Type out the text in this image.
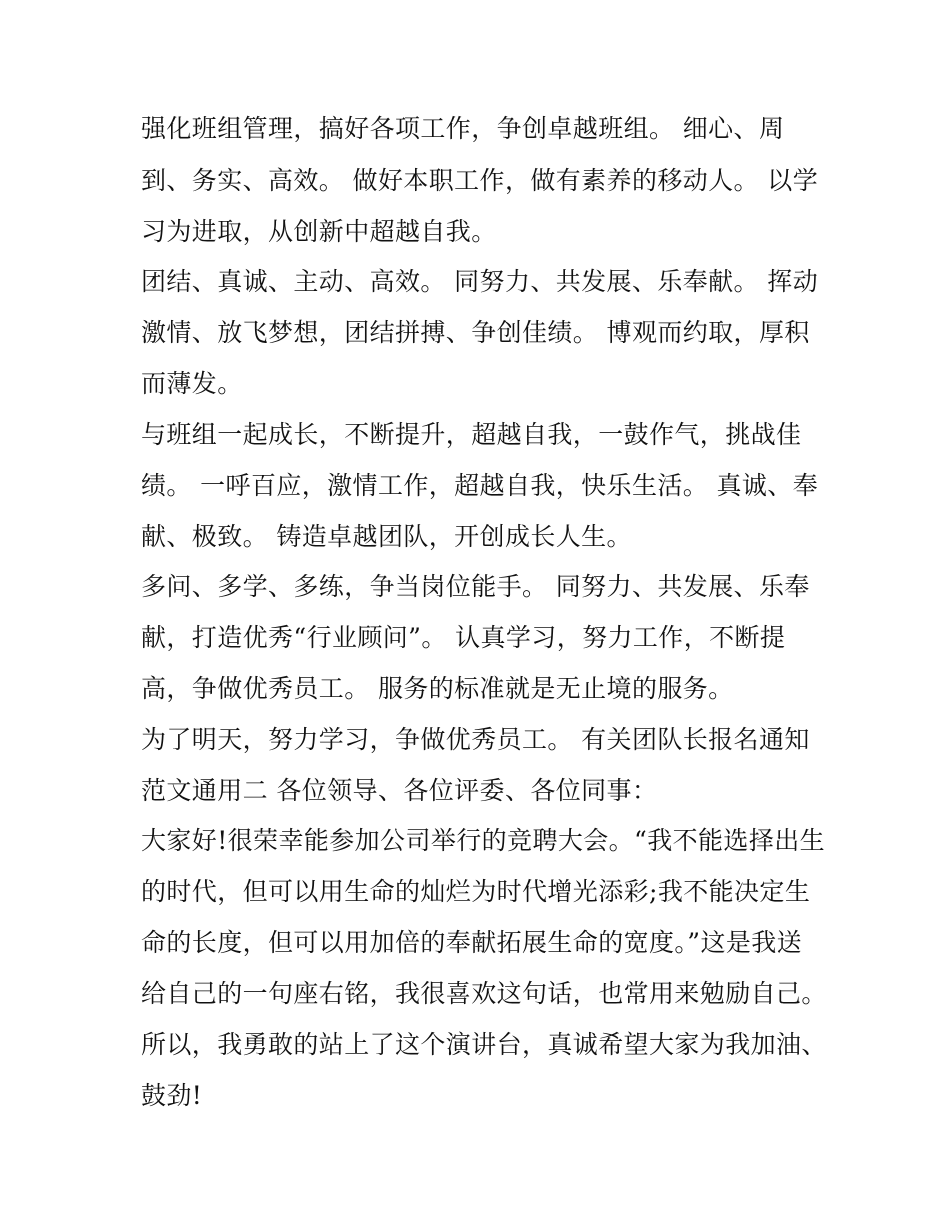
强化班组管理，搞好各项工作，争创卓越班组。 细心、周
到、务实、高效。 做好本职工作，做有素养的移动人。 以学
习为进取，从创新中超越自我。
团结、真诚、主动、高效。 同努力、共发展、乐奉献。 挥动
激情、放飞梦想，团结拼搏、争创佳绩。 博观而约取，厚积
而薄发。
与班组一起成长，不断提升，超越自我，一鼓作气，挑战佳
绩。 一呼百应，激情工作，超越自我，快乐生活。 真诚、奉
献、极致。 铸造卓越团队，开创成长人生。
多问、多学、多练，争当岗位能手。 同努力、共发展、乐奉
献，打造优秀“行业顾问”。 认真学习，努力工作，不断提
高，争做优秀员工。 服务的标准就是无止境的服务。
为了明天，努力学习，争做优秀员工。 有关团队长报名通知
范文通用二 各位领导、各位评委、各位同事：
大家好!很荣幸能参加公司举行的竞聘大会。“我不能选择出生
的时代，但可以用生命的灿烂为时代增光添彩;我不能决定生
命的长度，但可以用加倍的奉献拓展生命的宽度。”这是我送
给自己的一句座右铭，我很喜欢这句话，也常用来勉励自己。
所以，我勇敢的站上了这个演讲台，真诚希望大家为我加油、
鼓劲!
